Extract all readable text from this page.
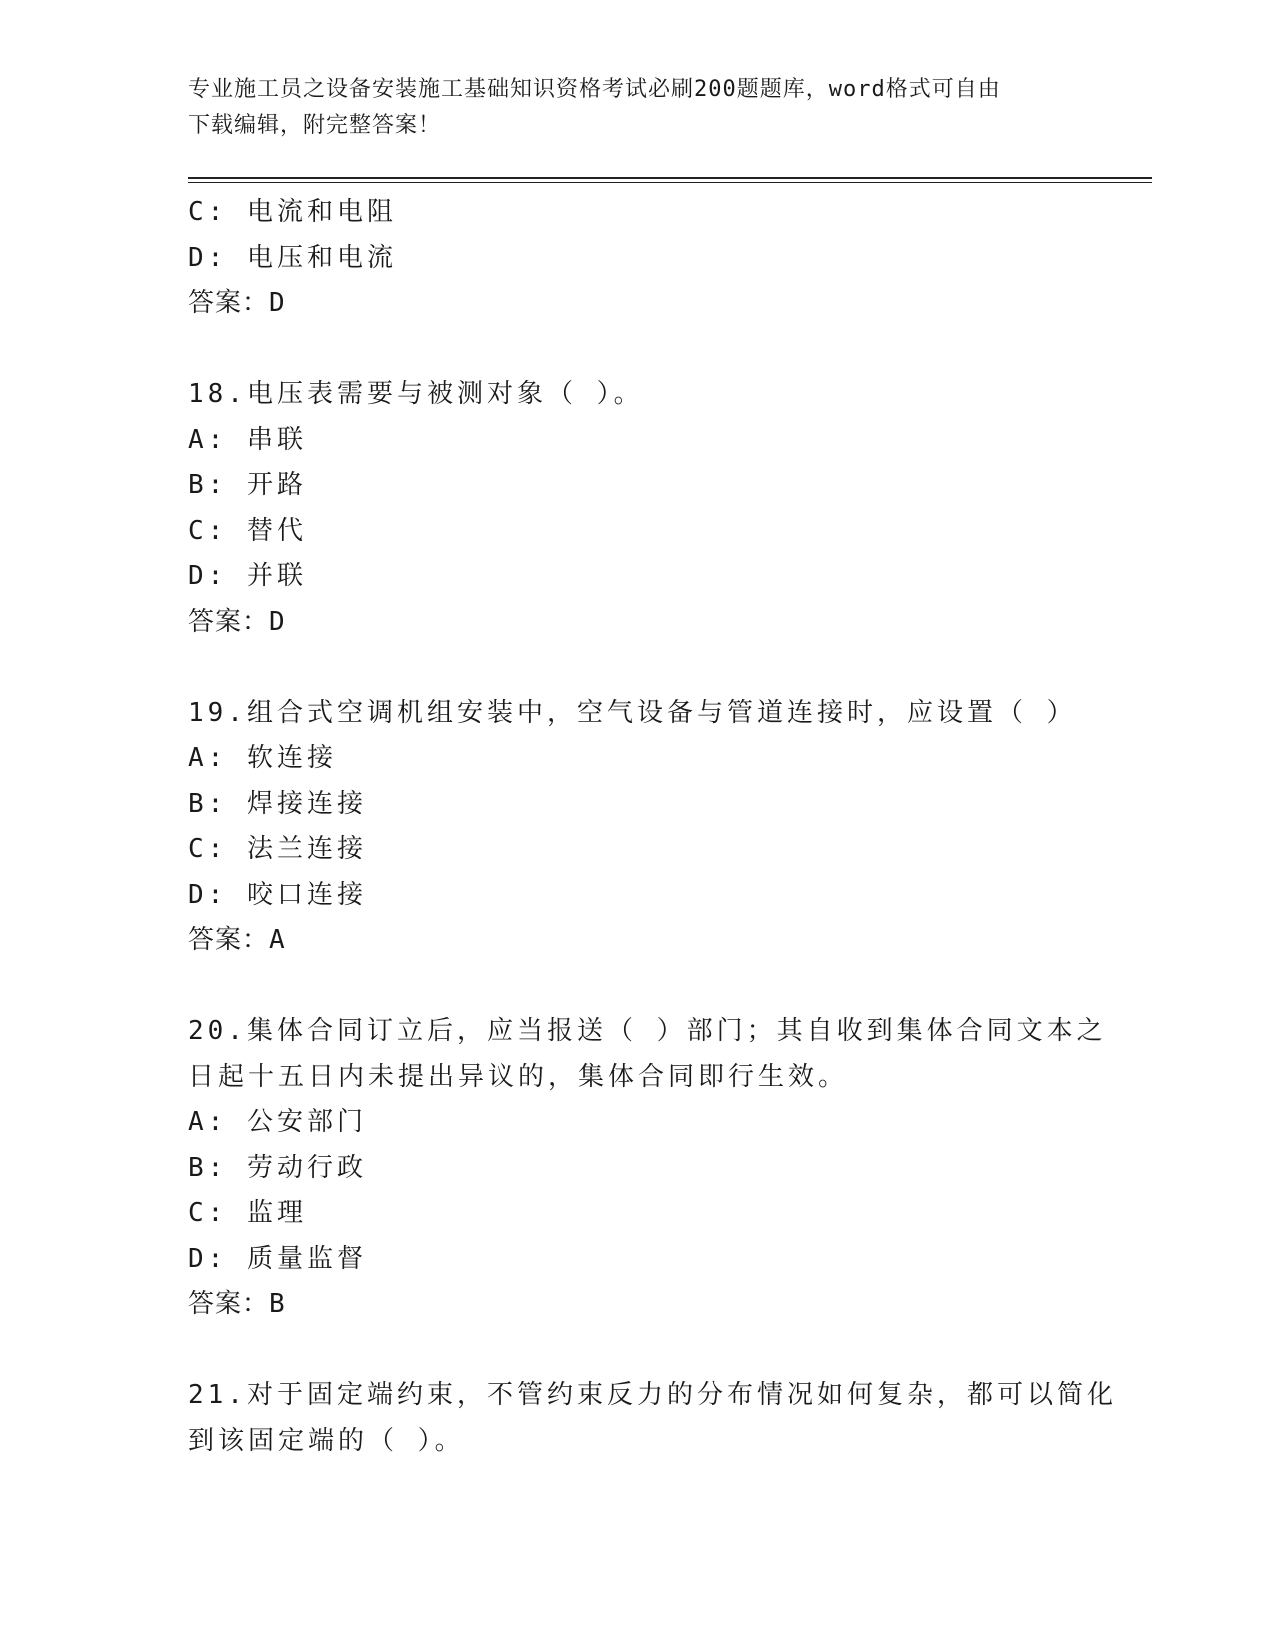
专业施工员之设备安装施工基础知识资格考试必刷200题题库，word格式可自由
下载编辑，附完整答案！
C: 电流和电阻
D: 电压和电流
答案：D
18.电压表需要与被测对象（ ）。
A: 串联
B: 开路
C: 替代
D: 并联
答案：D
19.组合式空调机组安装中，空气设备与管道连接时，应设置（ ）
A: 软连接
B: 焊接连接
C: 法兰连接
D: 咬口连接
答案：A
20.集体合同订立后，应当报送（ ）部门；其自收到集体合同文本之
日起十五日内未提出异议的，集体合同即行生效。
A: 公安部门
B: 劳动行政
C: 监理
D: 质量监督
答案：B
21.对于固定端约束，不管约束反力的分布情况如何复杂，都可以简化
到该固定端的（ ）。
